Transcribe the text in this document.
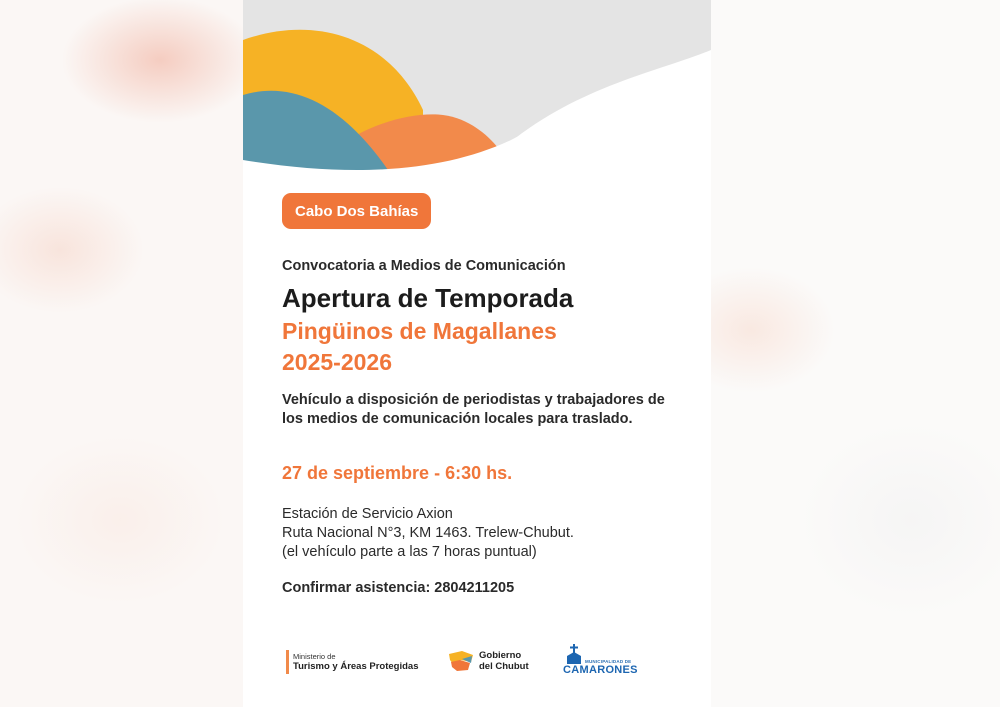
Cabo Dos Bahías
Convocatoria a Medios de Comunicación
Apertura de Temporada
Pingüinos de Magallanes
2025-2026
Vehículo a disposición de periodistas y trabajadores de los medios de comunicación locales para traslado.
27 de septiembre - 6:30 hs.
Estación de Servicio Axion
Ruta Nacional N°3, KM 1463. Trelew-Chubut.
(el vehículo parte a las 7 horas puntual)
Confirmar asistencia: 2804211205
Ministerio de
Turismo y Áreas Protegidas
Gobierno
del Chubut	MUNICIPALIDAD DE
CAMARONES
